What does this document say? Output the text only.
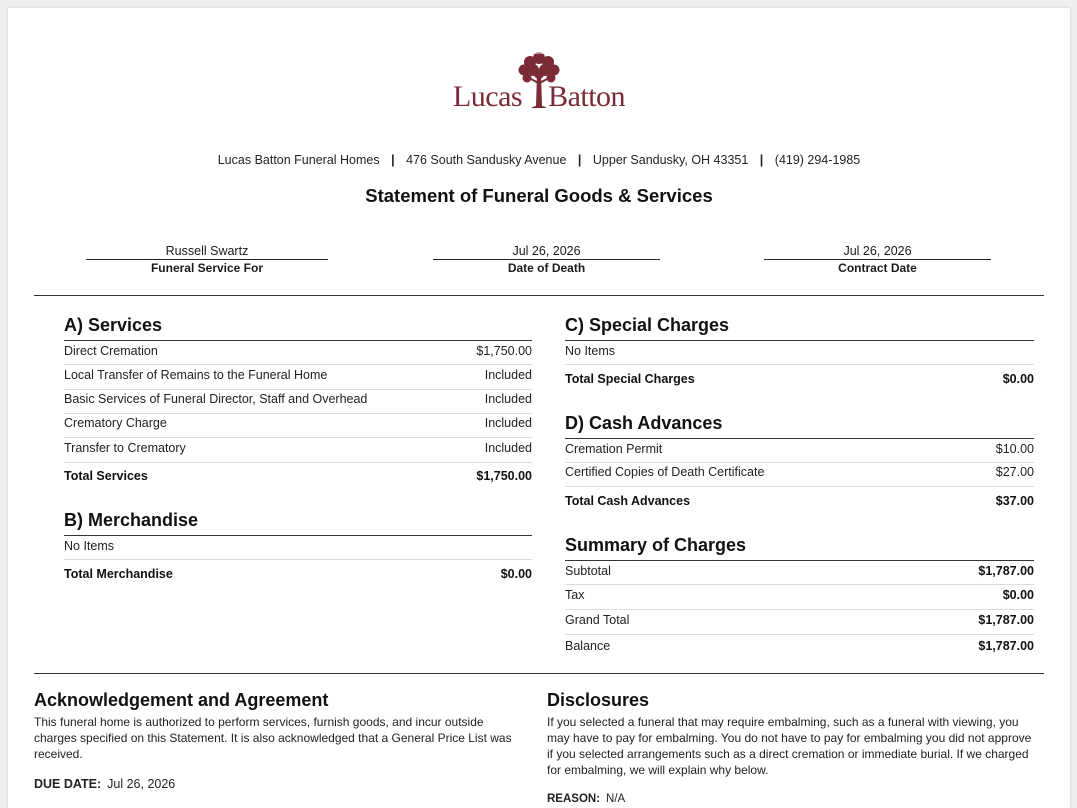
Lucas Batton
Lucas Batton Funeral Homes | 476 South Sandusky Avenue | Upper Sandusky, OH 43351 | (419) 294-1985
Statement of Funeral Goods & Services
Russell Swartz
Funeral Service For
Jul 26, 2026
Date of Death
Jul 26, 2026
Contract Date
A) Services
Direct Cremation	$1,750.00
Local Transfer of Remains to the Funeral Home	Included
Basic Services of Funeral Director, Staff and Overhead	Included
Crematory Charge	Included
Transfer to Crematory	Included
Total Services	$1,750.00
B) Merchandise
No Items
Total Merchandise	$0.00
C) Special Charges
No Items
Total Special Charges	$0.00
D) Cash Advances
Cremation Permit	$10.00
Certified Copies of Death Certificate	$27.00
Total Cash Advances	$37.00
Summary of Charges
Subtotal	$1,787.00
Tax	$0.00
Grand Total	$1,787.00
Balance	$1,787.00
Acknowledgement and Agreement
This funeral home is authorized to perform services, furnish goods, and incur outside charges specified on this Statement. It is also acknowledged that a General Price List was received.
DUE DATE: Jul 26, 2026
Disclosures
If you selected a funeral that may require embalming, such as a funeral with viewing, you may have to pay for embalming. You do not have to pay for embalming you did not approve if you selected arrangements such as a direct cremation or immediate burial. If we charged for embalming, we will explain why below.
REASON: N/A
